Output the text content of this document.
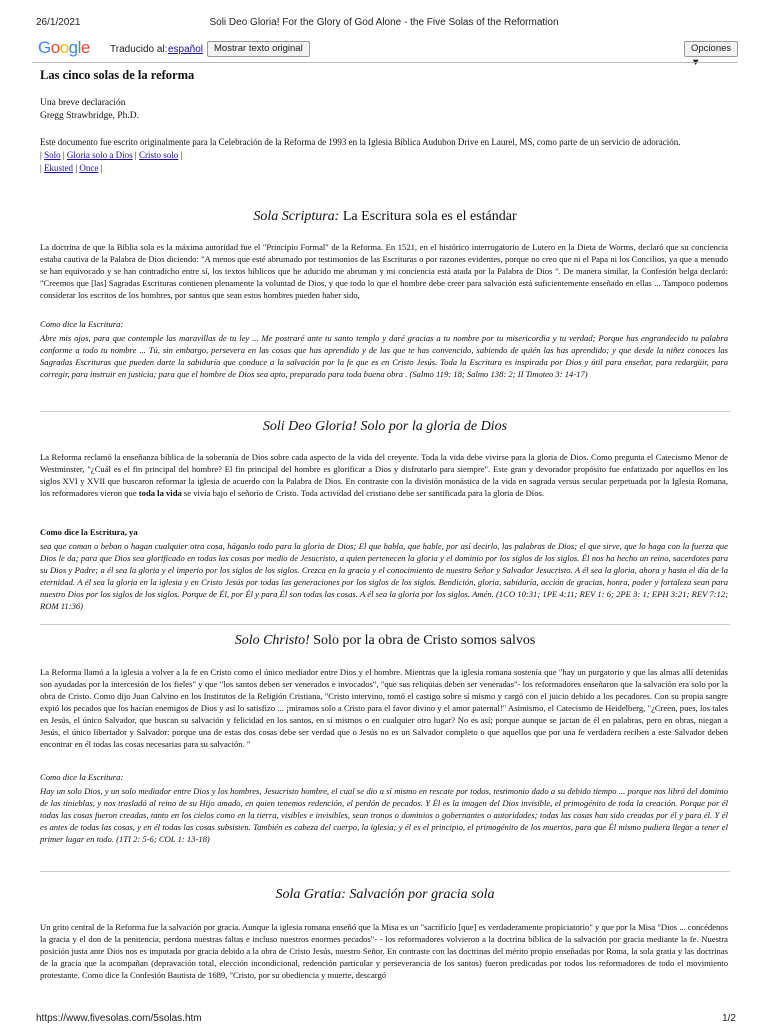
26/1/2021	Soli Deo Gloria! For the Glory of God Alone - the Five Solas of the Reformation
Google Traducido al: español	Mostrar texto original	Opciones
Las cinco solas de la reforma
Una breve declaración
Gregg Strawbridge, Ph.D.
Este documento fue escrito originalmente para la Celebración de la Reforma de 1993 en la Iglesia Bíblica Audubon Drive en Laurel, MS, como parte de un servicio de adoración.
| Solo | Gloria solo a Dios | Cristo solo |
| Ekusted | Once |
Sola Scriptura: La Escritura sola es el estándar
La doctrina de que la Biblia sola es la máxima autoridad fue el "Principio Formal" de la Reforma. En 1521, en el histórico interrogatorio de Lutero en la Dieta de Worms, declaró que su conciencia estaba cautiva de la Palabra de Dios diciendo: "A menos que esté abrumado por testimonios de las Escrituras o por razones evidentes, porque no creo que ni el Papa ni los Concilios, ya que a menudo se han equivocado y se han contradicho entre sí, los textos bíblicos que he aducido me abruman y mi conciencia está atada por la Palabra de Dios ". De manera similar, la Confesión belga declaró: "Creemos que [las] Sagradas Escrituras contienen plenamente la voluntad de Dios, y que todo lo que el hombre debe creer para salvación está suficientemente enseñado en ellas ... Tampoco podemos considerar los escritos de los hombres, por santos que sean estos hombres pueden haber sido,
Como dice la Escritura:
Abre mis ojos, para que contemple las maravillas de tu ley ... Me postraré ante tu santo templo y daré gracias a tu nombre por tu misericordia y tu verdad; Porque has engrandecido tu palabra conforme a todo tu nombre ... Tú, sin embargo, persevera en las cosas que has aprendido y de las que te has convencido, sabiendo de quién las has aprendido; y que desde la niñez conoces las Sagradas Escrituras que pueden darte la sabiduría que conduce a la salvación por la fe que es en Cristo Jesús. Toda la Escritura es inspirada por Dios y útil para enseñar, para redargüir, para corregir, para instruir en justicia; para que el hombre de Dios sea apto, preparado para toda buena obra . (Salmo 119: 18; Salmo 138: 2; II Timoteo 3: 14-17)
Soli Deo Gloria! Solo por la gloria de Dios
La Reforma reclamó la enseñanza bíblica de la soberanía de Dios sobre cada aspecto de la vida del creyente. Toda la vida debe vivirse para la gloria de Dios. Como pregunta el Catecismo Menor de Westminster, "¿Cuál es el fin principal del hombre? El fin principal del hombre es glorificar a Dios y disfrutarlo para siempre". Este gran y devorador propósito fue enfatizado por aquellos en los siglos XVI y XVII que buscaron reformar la iglesia de acuerdo con la Palabra de Dios. En contraste con la división monástica de la vida en sagrada versus secular perpetuada por la Iglesia Romana, los reformadores vieron que toda la vida se vivía bajo el señorío de Cristo. Toda actividad del cristiano debe ser santificada para la gloria de Dios.
Como dice la Escritura, ya
sea que coman o beban o hagan cualquier otra cosa, háganlo todo para la gloria de Dios; El que habla, que hable, por así decirlo, las palabras de Dios; el que sirve, que lo haga con la fuerza que Dios le da; para que Dios sea glorificado en todas las cosas por medio de Jesucristo, a quien pertenecen la gloria y el dominio por los siglos de los siglos. Él nos ha hecho un reino, sacerdotes para su Dios y Padre; a él sea la gloria y el imperio por los siglos de los siglos. Crezca en la gracia y el conocimiento de nuestro Señor y Salvador Jesucristo. A él sea la gloria, ahora y hasta el día de la eternidad. A él sea la gloria en la iglesia y en Cristo Jesús por todas las generaciones por los siglos de los siglos. Bendición, gloria, sabiduría, acción de gracias, honra, poder y fortaleza sean para nuestro Dios por los siglos de los siglos. Porque de Él, por Él y para Él son todas las cosas. A él sea la gloria por los siglos. Amén. (1CO 10:31; 1PE 4:11; REV 1: 6; 2PE 3: 1; EPH 3:21; REV 7:12; ROM 11:36)
Solo Christo! Solo por la obra de Cristo somos salvos
La Reforma llamó a la iglesia a volver a la fe en Cristo como el único mediador entre Dios y el hombre. Mientras que la iglesia romana sostenía que "hay un purgatorio y que las almas allí detenidas son ayudadas por la intercesión de los fieles" y que "los santos deben ser venerados e invocados", "que sus reliquias deben ser veneradas"- los reformadores enseñaron que la salvación era solo por la obra de Cristo. Como dijo Juan Calvino en los Institutos de la Religión Cristiana, "Cristo intervino, tomó el castigo sobre sí mismo y cargó con el juicio debido a los pecadores. Con su propia sangre expió los pecados que los hacían enemigos de Dios y así lo satisfizo ... ¡miramos solo a Cristo para el favor divino y el amor paternal!" Asimismo, el Catecismo de Heidelberg, "¿Creen, pues, los tales en Jesús, el único Salvador, que buscan su salvación y felicidad en los santos, en sí mismos o en cualquier otro lugar? No es así; porque aunque se jactan de él en palabras, pero en obras, niegan a Jesús, el único libertador y Salvador: porque una de estas dos cosas debe ser verdad que o Jesús no es un Salvador completo o que aquellos que por una fe verdadera reciben a este Salvador deben encontrar en él todas las cosas necesarias para su salvación. "
Como dice la Escritura:
Hay un solo Dios, y un solo mediador entre Dios y los hombres, Jesucristo hombre, el cual se dio a sí mismo en rescate por todos, testimonio dado a su debido tiempo ... porque nos libró del dominio de las tinieblas, y nos trasladó al reino de su Hijo amado, en quien tenemos redención, el perdón de pecados. Y Él es la imagen del Dios invisible, el primogénito de toda la creación. Porque por él todas las cosas fueron creadas, tanto en los cielos como en la tierra, visibles e invisibles, sean tronos o dominios o gobernantes o autoridades; todas las cosas han sido creadas por él y para él. Y él es antes de todas las cosas, y en él todas las cosas subsisten. También es cabeza del cuerpo, la iglesia; y él es el principio, el primogénito de los muertos, para que Él mismo pudiera llegar a tener el primer lugar en todo. (1TI 2: 5-6; COL 1: 13-18)
Sola Gratia: Salvación por gracia sola
Un grito central de la Reforma fue la salvación por gracia. Aunque la iglesia romana enseñó que la Misa es un "sacrificio [que] es verdaderamente propiciatorio" y que por la Misa "Dios ... concédenos la gracia y el don de la penitencia, perdona nuestras faltas e incluso nuestros enormes pecados"- - los reformadores volvieron a la doctrina bíblica de la salvación por gracia mediante la fe. Nuestra posición justa ante Dios nos es imputada por gracia debido a la obra de Cristo Jesús, nuestro Señor. En contraste con las doctrinas del mérito propio enseñadas por Roma, la sola gratia y las doctrinas de la gracia que la acompañan (depravación total, elección incondicional, redención particular y perseverancia de los santos) fueron predicadas por todos los reformadores de todo el movimiento protestante. Como dice la Confesión Bautista de 1689, "Cristo, por su obediencia y muerte, descargó
https://www.fivesolas.com/5solas.htm	1/2
